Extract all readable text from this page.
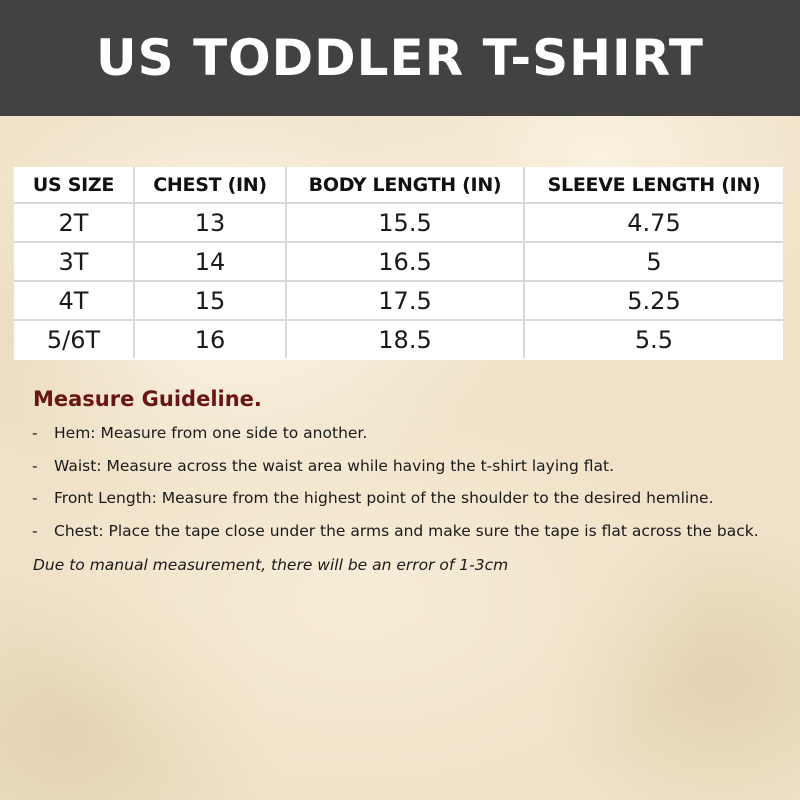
US TODDLER T-SHIRT
US SIZE	CHEST (IN)	BODY LENGTH (IN)	SLEEVE LENGTH (IN)
2T	13	15.5	4.75
3T	14	16.5	5
4T	15	17.5	5.25
5/6T	16	18.5	5.5
Measure Guideline.
-	Hem: Measure from one side to another.
-	Waist: Measure across the waist area while having the t-shirt laying flat.
-	Front Length: Measure from the highest point of the shoulder to the desired hemline.
-	Chest: Place the tape close under the arms and make sure the tape is flat across the back.

Due to manual measurement, there will be an error of 1-3cm
